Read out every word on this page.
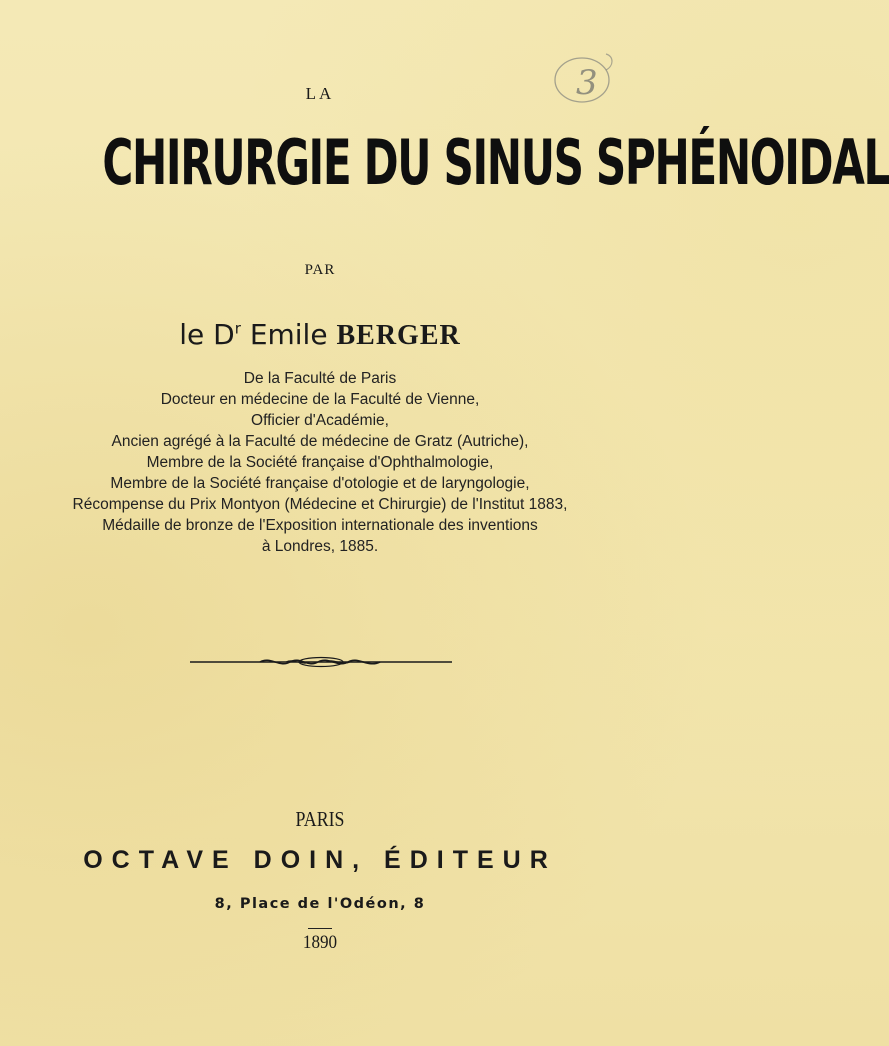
3
LA
CHIRURGIE DU SINUS SPHÉNOIDAL
PAR
le $D^r$ Emile BERGER
De la Faculté de Paris
Docteur en médecine de la Faculté de Vienne,
Officier d'Académie,
Ancien agrégé à la Faculté de médecine de Gratz (Autriche),
Membre de la Société française d'Ophthalmologie,
Membre de la Société française d'otologie et de laryngologie,
Récompense du Prix Montyon (Médecine et Chirurgie) de l'Institut 1883,
Médaille de bronze de l'Exposition internationale des inventions
à Londres, 1885.
PARIS
OCTAVE DOIN, ÉDITEUR
8, Place de l'Odéon, 8
1890
